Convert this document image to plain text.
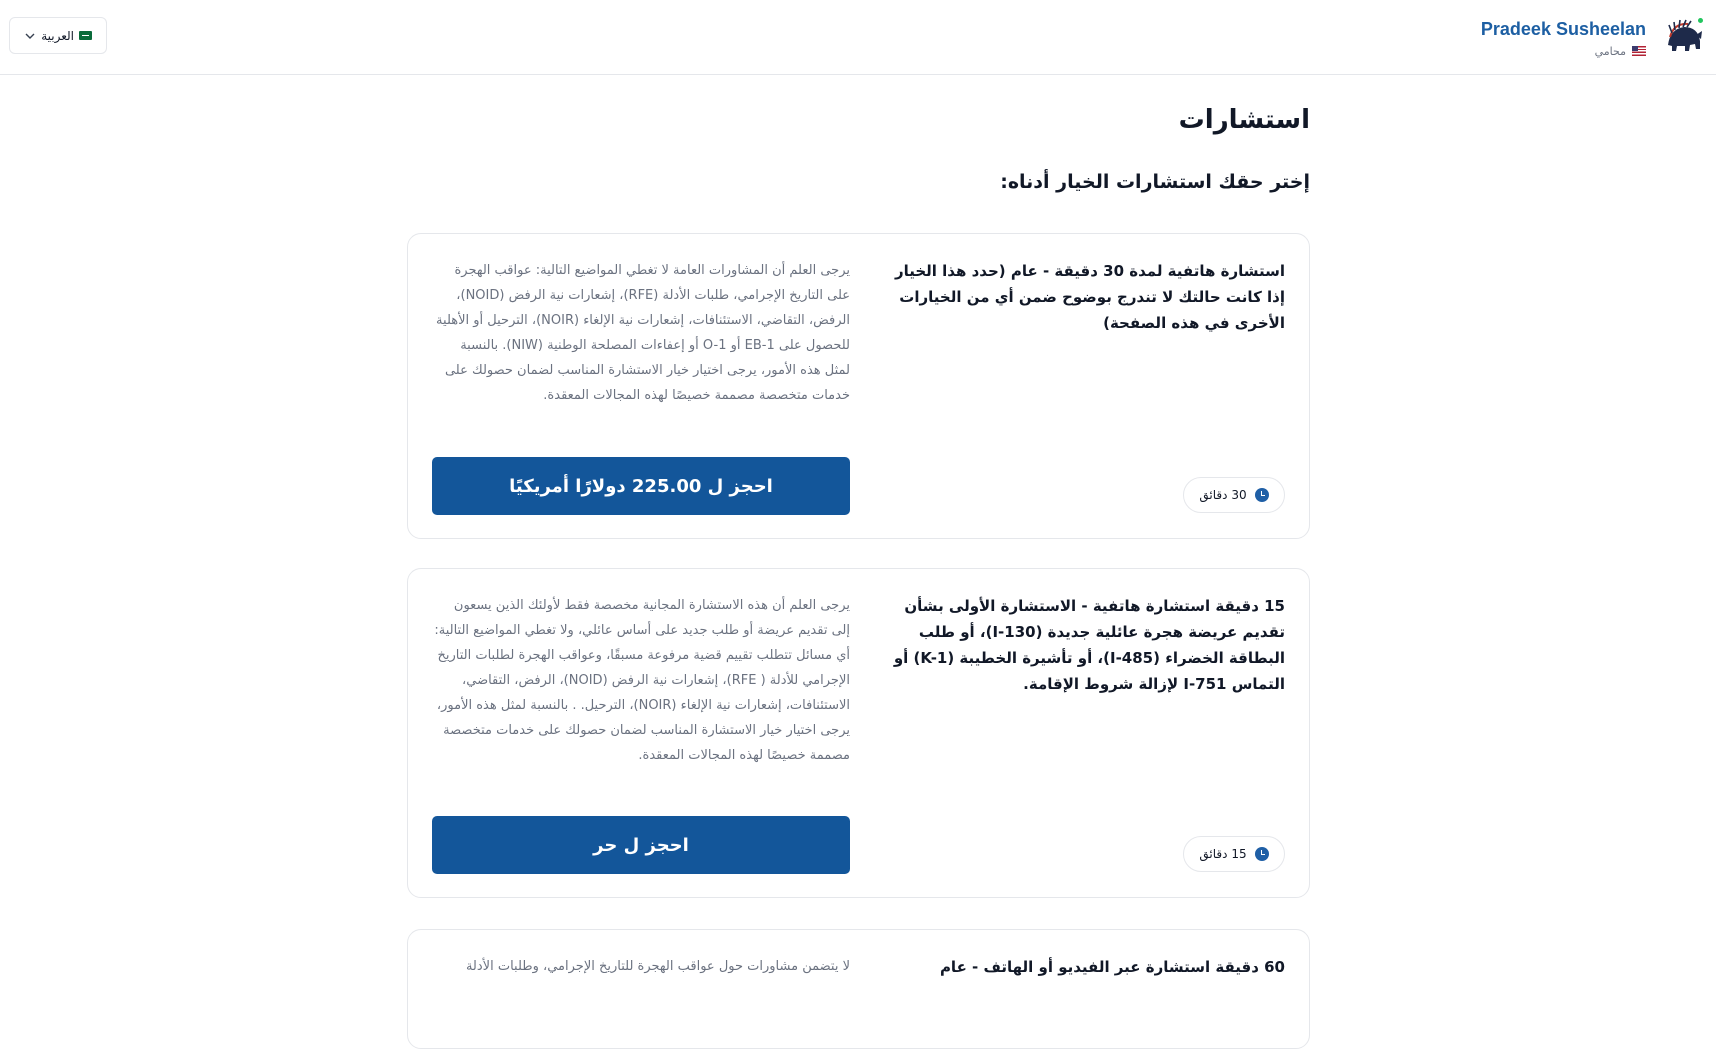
العربية	Pradeek Susheelan
محامي
استشارات
إختر حقك استشارات الخيار أدناه:
استشارة هاتفية لمدة 30 دقيقة - عام (حدد هذا الخيار إذا كانت حالتك لا تندرج بوضوح ضمن أي من الخيارات الأخرى في هذه الصفحة)
يرجى العلم أن المشاورات العامة لا تغطي المواضيع التالية: عواقب الهجرة على التاريخ الإجرامي، طلبات الأدلة (RFE)، إشعارات نية الرفض (NOID)، الرفض، التقاضي، الاستئنافات، إشعارات نية الإلغاء (NOIR)، الترحيل أو الأهلية للحصول على EB-1 أو O-1 أو إعفاءات المصلحة الوطنية (NIW). بالنسبة لمثل هذه الأمور، يرجى اختيار خيار الاستشارة المناسب لضمان حصولك على خدمات متخصصة مصممة خصيصًا لهذه المجالات المعقدة.
احجز ل 225.00 دولارًا أمريكيًا	30 دقائق
15 دقيقة استشارة هاتفية - الاستشارة الأولى بشأن تقديم عريضة هجرة عائلية جديدة (I-130)، أو طلب البطاقة الخضراء (I-485)، أو تأشيرة الخطيبة (K-1) أو التماس I-751 لإزالة شروط الإقامة.
يرجى العلم أن هذه الاستشارة المجانية مخصصة فقط لأولئك الذين يسعون إلى تقديم عريضة أو طلب جديد على أساس عائلي، ولا تغطي المواضيع التالية: أي مسائل تتطلب تقييم قضية مرفوعة مسبقًا، وعواقب الهجرة لطلبات التاريخ الإجرامي للأدلة ( RFE)، إشعارات نية الرفض (NOID)، الرفض، التقاضي، الاستئنافات، إشعارات نية الإلغاء (NOIR)، الترحيل. . بالنسبة لمثل هذه الأمور، يرجى اختيار خيار الاستشارة المناسب لضمان حصولك على خدمات متخصصة مصممة خصيصًا لهذه المجالات المعقدة.
احجز ل حر	15 دقائق
60 دقيقة استشارة عبر الفيديو أو الهاتف - عام
لا يتضمن مشاورات حول عواقب الهجرة للتاريخ الإجرامي، وطلبات الأدلة
